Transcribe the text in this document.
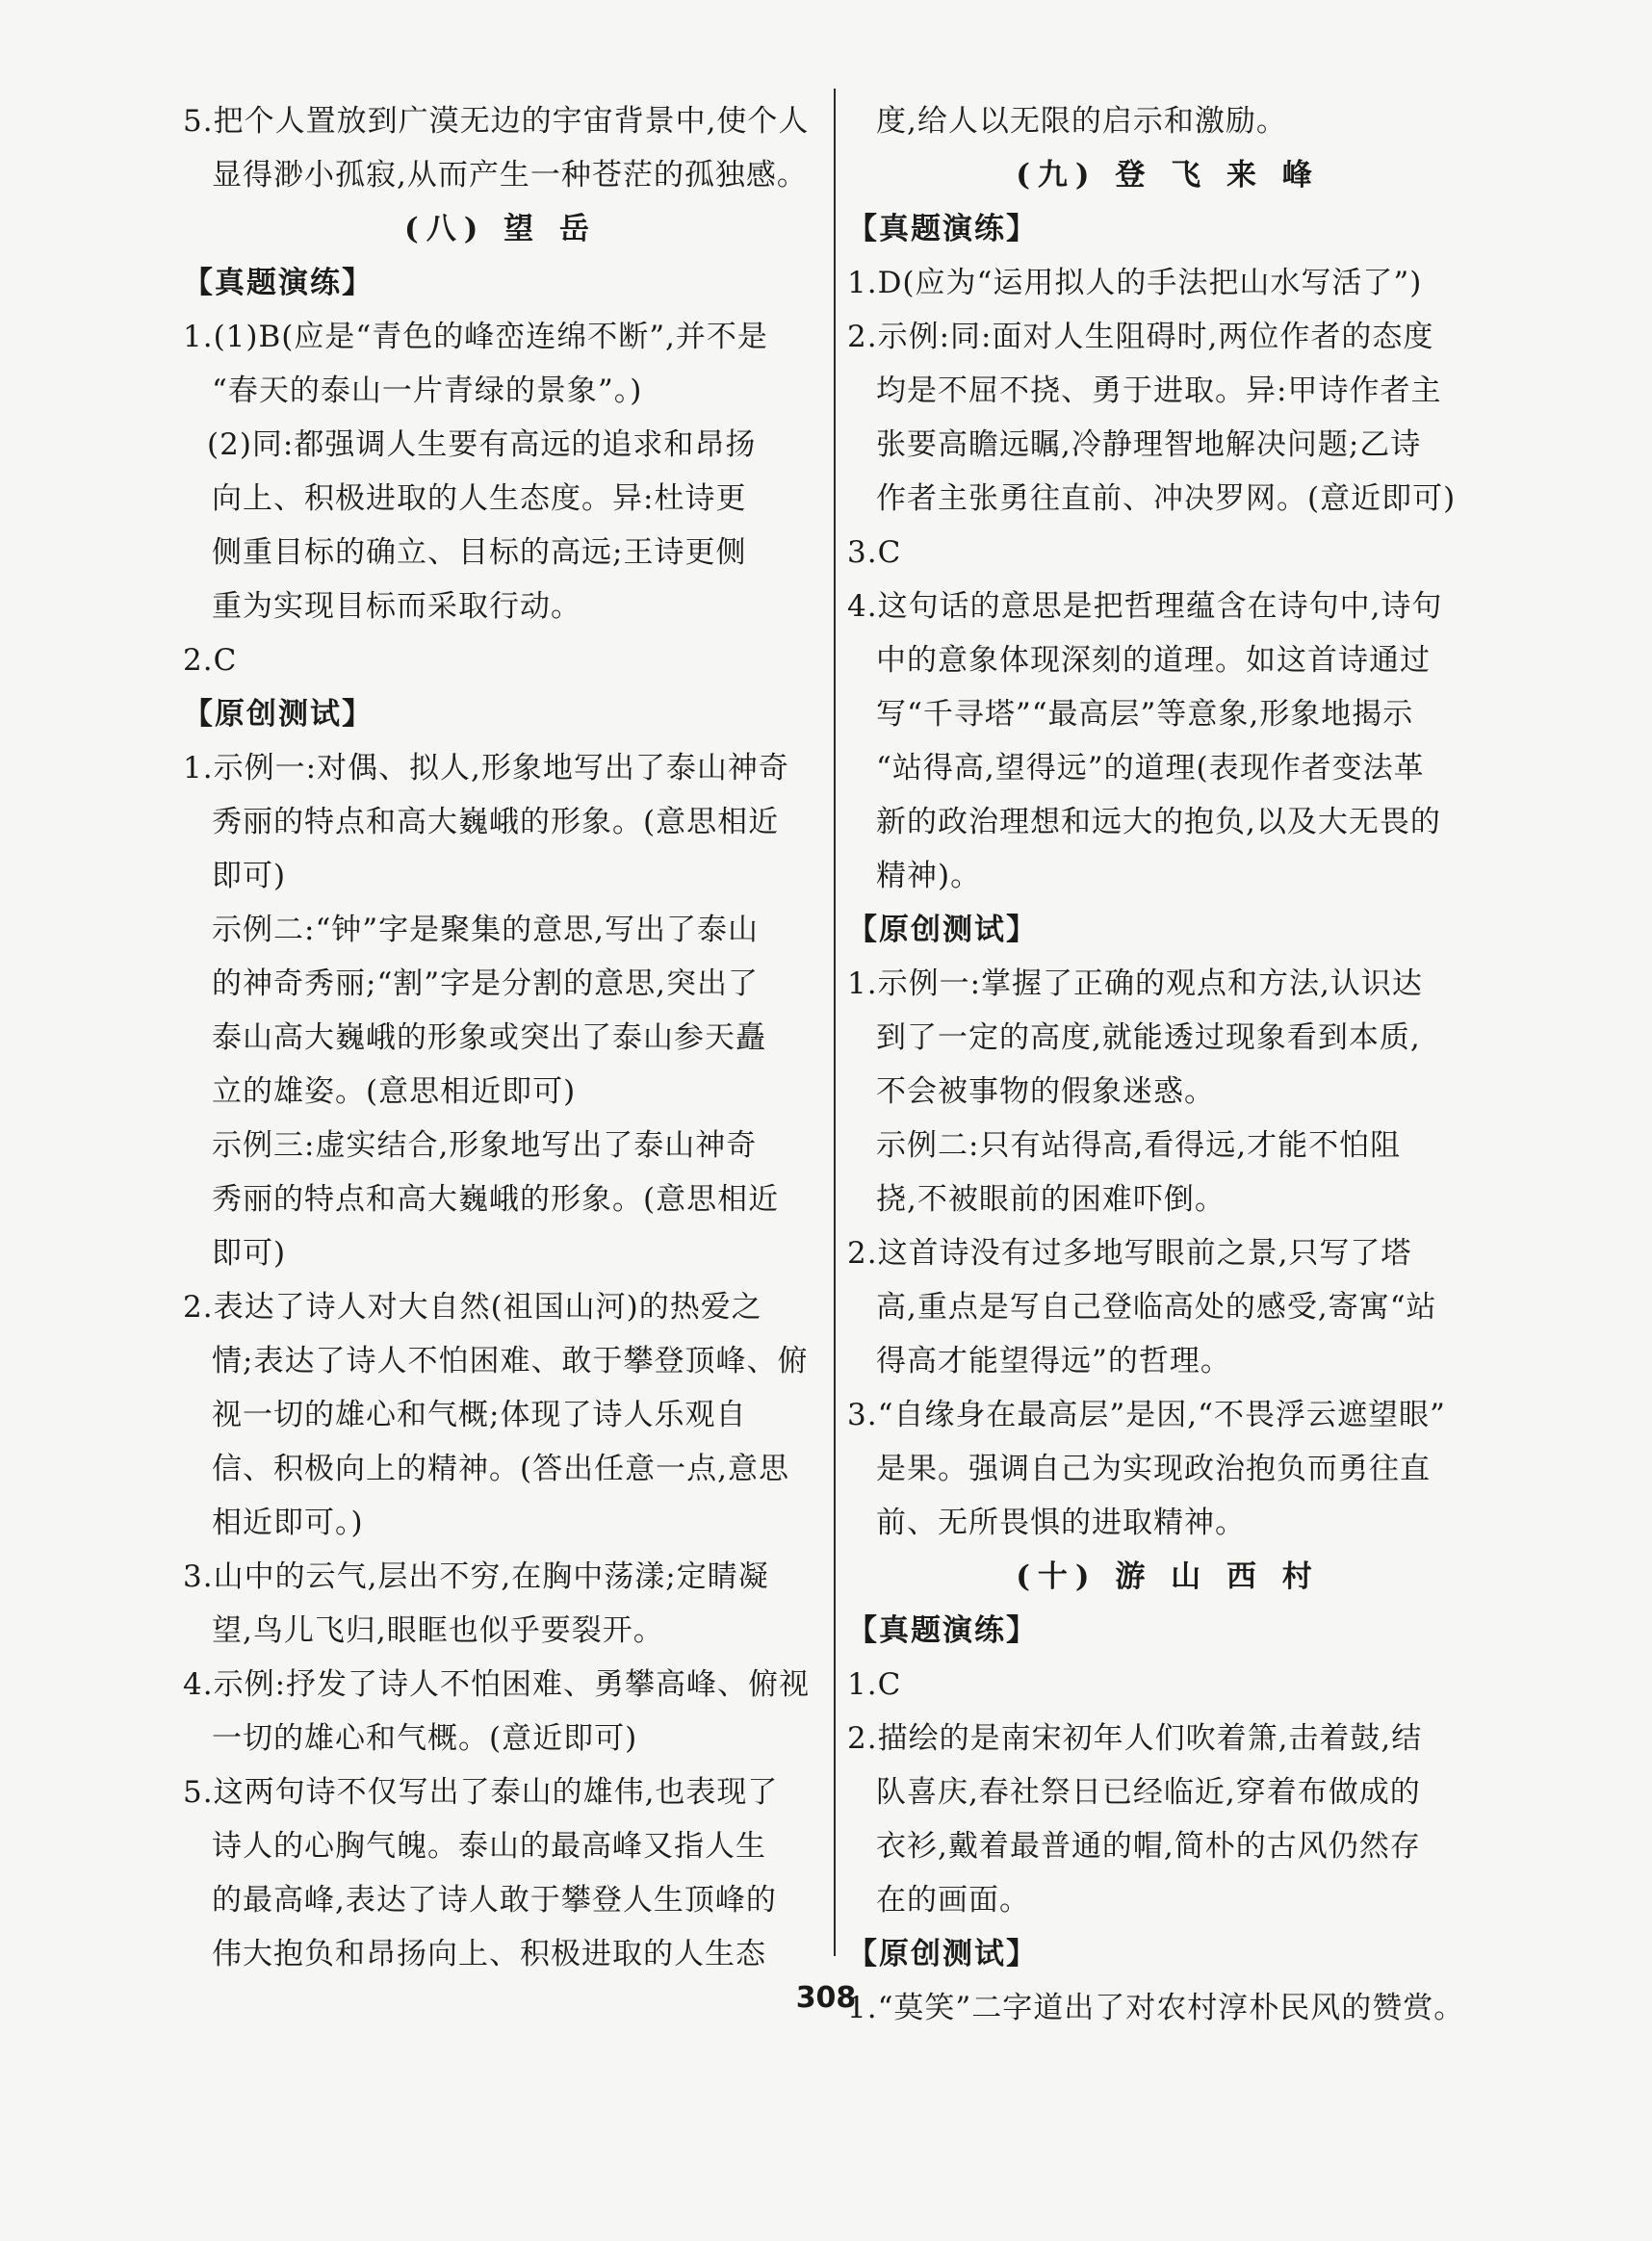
5.把个人置放到广漠无边的宇宙背景中,使个人
显得渺小孤寂,从而产生一种苍茫的孤独感。
(八) 望 岳
【真题演练】
1.(1)B(应是“青色的峰峦连绵不断”,并不是
“春天的泰山一片青绿的景象”。)
(2)同:都强调人生要有高远的追求和昂扬
向上、积极进取的人生态度。异:杜诗更
侧重目标的确立、目标的高远;王诗更侧
重为实现目标而采取行动。
2.C
【原创测试】
1.示例一:对偶、拟人,形象地写出了泰山神奇
秀丽的特点和高大巍峨的形象。(意思相近
即可)
示例二:“钟”字是聚集的意思,写出了泰山
的神奇秀丽;“割”字是分割的意思,突出了
泰山高大巍峨的形象或突出了泰山参天矗
立的雄姿。(意思相近即可)
示例三:虚实结合,形象地写出了泰山神奇
秀丽的特点和高大巍峨的形象。(意思相近
即可)
2.表达了诗人对大自然(祖国山河)的热爱之
情;表达了诗人不怕困难、敢于攀登顶峰、俯
视一切的雄心和气概;体现了诗人乐观自
信、积极向上的精神。(答出任意一点,意思
相近即可。)
3.山中的云气,层出不穷,在胸中荡漾;定睛凝
望,鸟儿飞归,眼眶也似乎要裂开。
4.示例:抒发了诗人不怕困难、勇攀高峰、俯视
一切的雄心和气概。(意近即可)
5.这两句诗不仅写出了泰山的雄伟,也表现了
诗人的心胸气魄。泰山的最高峰又指人生
的最高峰,表达了诗人敢于攀登人生顶峰的
伟大抱负和昂扬向上、积极进取的人生态
度,给人以无限的启示和激励。
(九) 登 飞 来 峰
【真题演练】
1.D(应为“运用拟人的手法把山水写活了”)
2.示例:同:面对人生阻碍时,两位作者的态度
均是不屈不挠、勇于进取。异:甲诗作者主
张要高瞻远瞩,冷静理智地解决问题;乙诗
作者主张勇往直前、冲决罗网。(意近即可)
3.C
4.这句话的意思是把哲理蕴含在诗句中,诗句
中的意象体现深刻的道理。如这首诗通过
写“千寻塔”“最高层”等意象,形象地揭示
“站得高,望得远”的道理(表现作者变法革
新的政治理想和远大的抱负,以及大无畏的
精神)。
【原创测试】
1.示例一:掌握了正确的观点和方法,认识达
到了一定的高度,就能透过现象看到本质,
不会被事物的假象迷惑。
示例二:只有站得高,看得远,才能不怕阻
挠,不被眼前的困难吓倒。
2.这首诗没有过多地写眼前之景,只写了塔
高,重点是写自己登临高处的感受,寄寓“站
得高才能望得远”的哲理。
3.“自缘身在最高层”是因,“不畏浮云遮望眼”
是果。强调自己为实现政治抱负而勇往直
前、无所畏惧的进取精神。
(十) 游 山 西 村
【真题演练】
1.C
2.描绘的是南宋初年人们吹着箫,击着鼓,结
队喜庆,春社祭日已经临近,穿着布做成的
衣衫,戴着最普通的帽,简朴的古风仍然存
在的画面。
【原创测试】
1.“莫笑”二字道出了对农村淳朴民风的赞赏。
308
